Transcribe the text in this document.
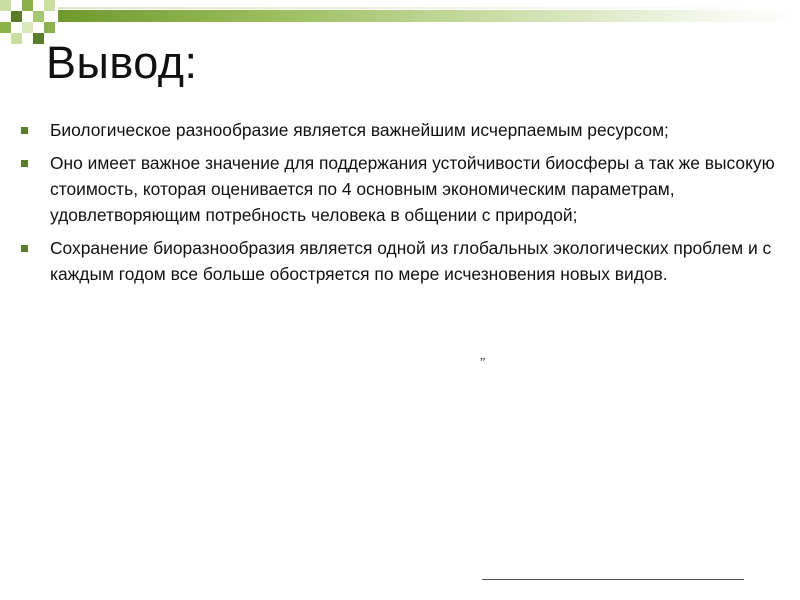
Вывод:
Биологическое разнообразие является важнейшим исчерпаемым ресурсом;
Оно имеет важное значение для поддержания устойчивости биосферы а так же высокую стоимость, которая оценивается по 4 основным экономическим параметрам, удовлетворяющим потребность человека в общении с природой;
Сохранение биоразнообразия является одной из глобальных экологических проблем и с каждым годом все больше обостряется по мере исчезновения новых видов.
„
